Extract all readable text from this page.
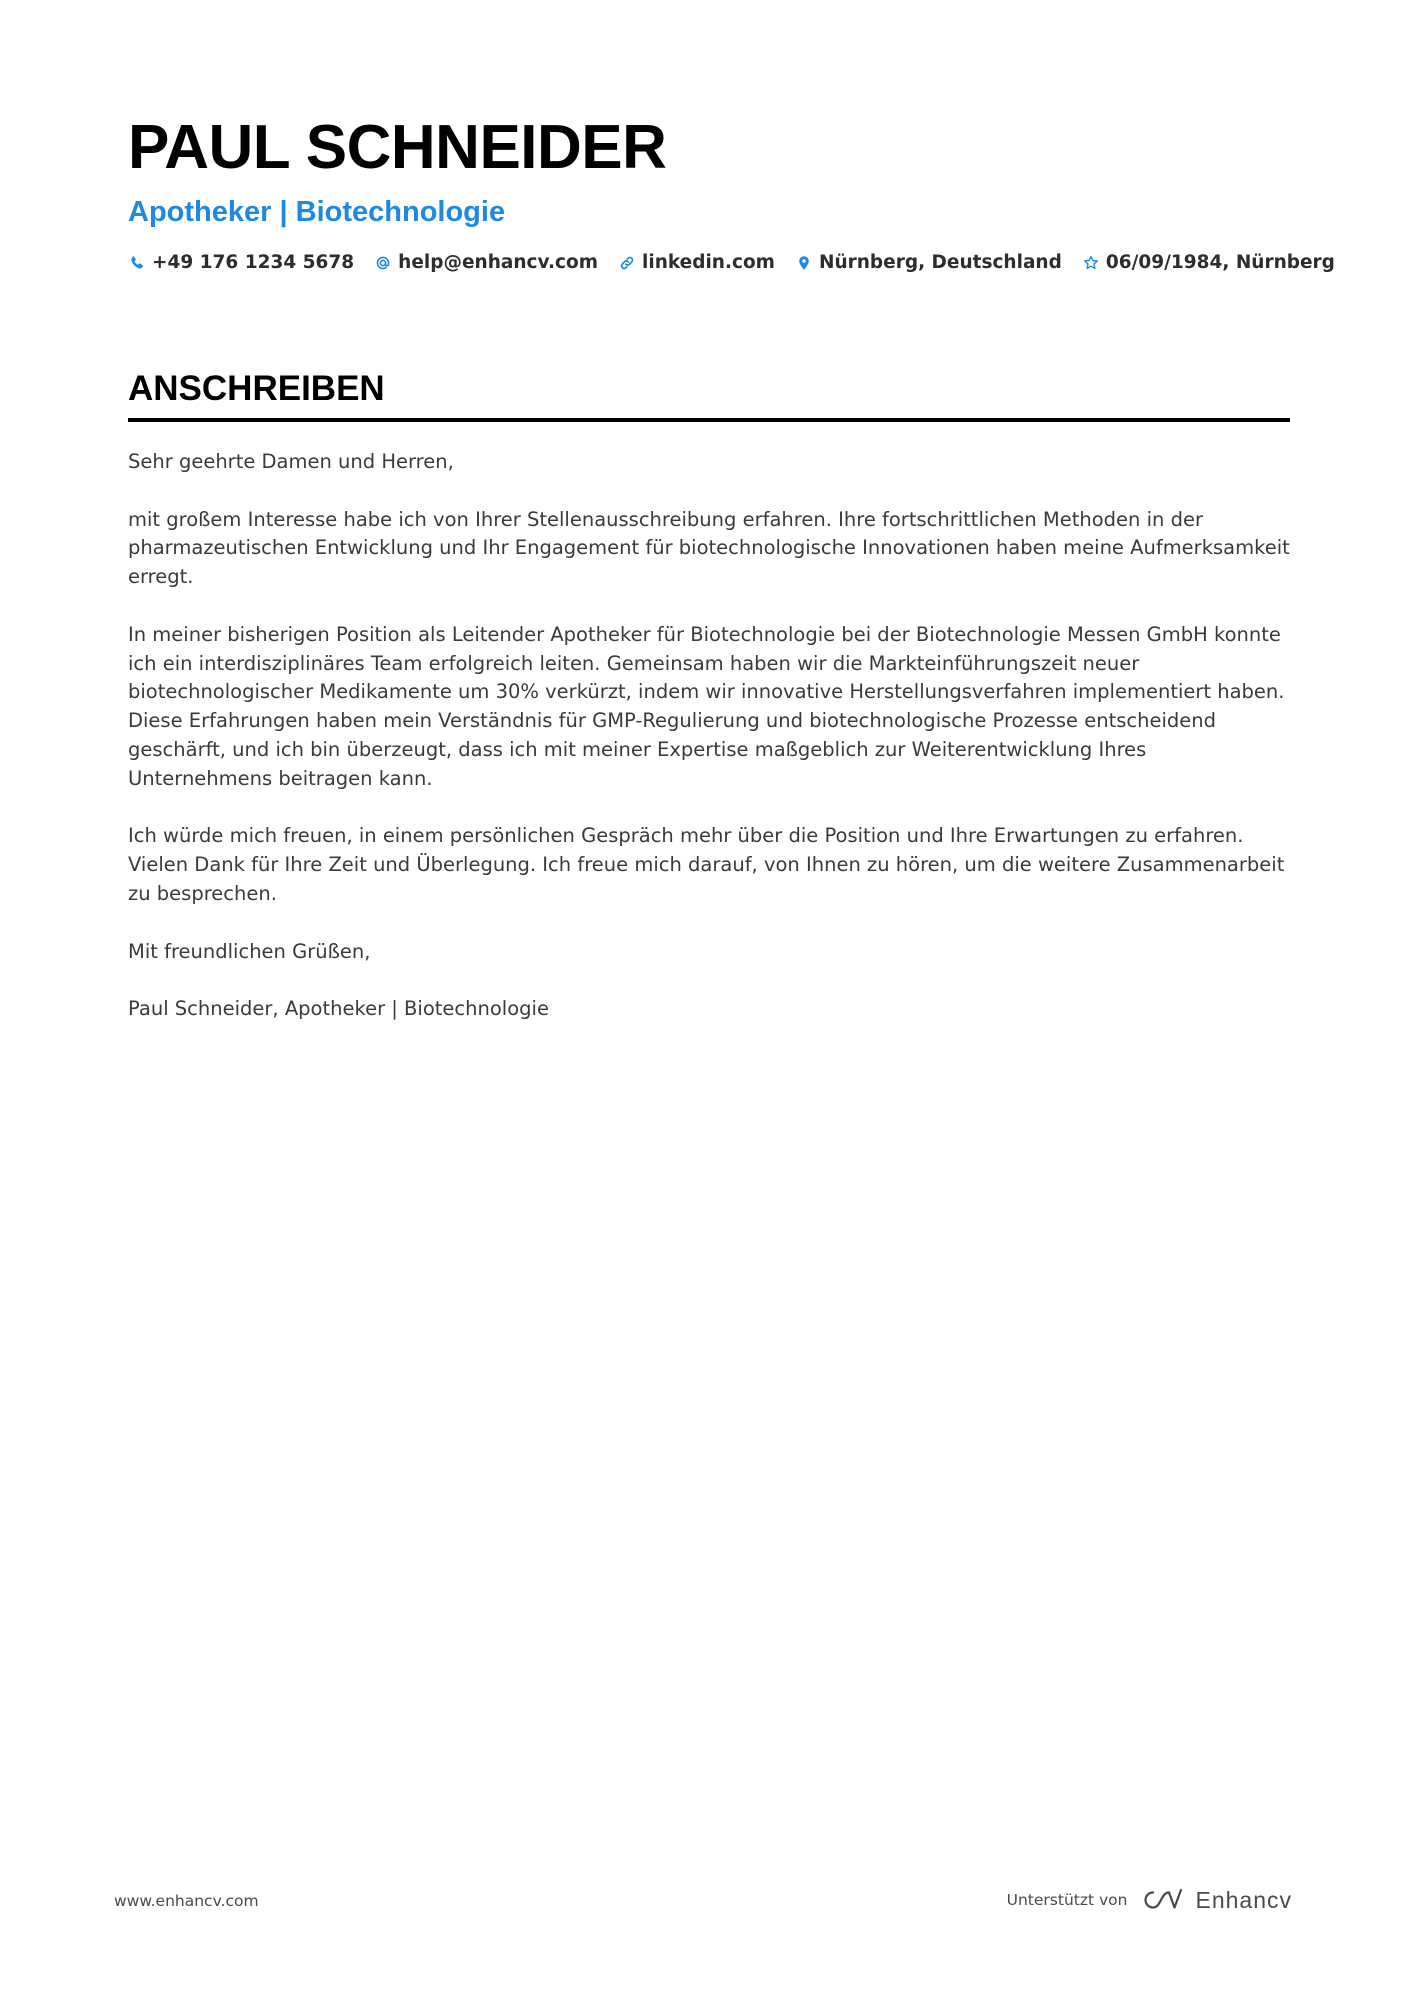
PAUL SCHNEIDER
Apotheker | Biotechnologie
+49 176 1234 5678 help@enhancv.com linkedin.com Nürnberg, Deutschland 06/09/1984, Nürnberg
ANSCHREIBEN

Sehr geehrte Damen und Herren,

mit großem Interesse habe ich von Ihrer Stellenausschreibung erfahren. Ihre fortschrittlichen Methoden in der pharmazeutischen Entwicklung und Ihr Engagement für biotechnologische Innovationen haben meine Aufmerksamkeit erregt.

In meiner bisherigen Position als Leitender Apotheker für Biotechnologie bei der Biotechnologie Messen GmbH konnte ich ein interdisziplinäres Team erfolgreich leiten. Gemeinsam haben wir die Markteinführungszeit neuer biotechnologischer Medikamente um 30% verkürzt, indem wir innovative Herstellungsverfahren implementiert haben. Diese Erfahrungen haben mein Verständnis für GMP-Regulierung und biotechnologische Prozesse entscheidend geschärft, und ich bin überzeugt, dass ich mit meiner Expertise maßgeblich zur Weiterentwicklung Ihres Unternehmens beitragen kann.

Ich würde mich freuen, in einem persönlichen Gespräch mehr über die Position und Ihre Erwartungen zu erfahren. Vielen Dank für Ihre Zeit und Überlegung. Ich freue mich darauf, von Ihnen zu hören, um die weitere Zusammenarbeit zu besprechen.

Mit freundlichen Grüßen,

Paul Schneider, Apotheker | Biotechnologie

www.enhancv.com	Unterstützt von	Enhancv
